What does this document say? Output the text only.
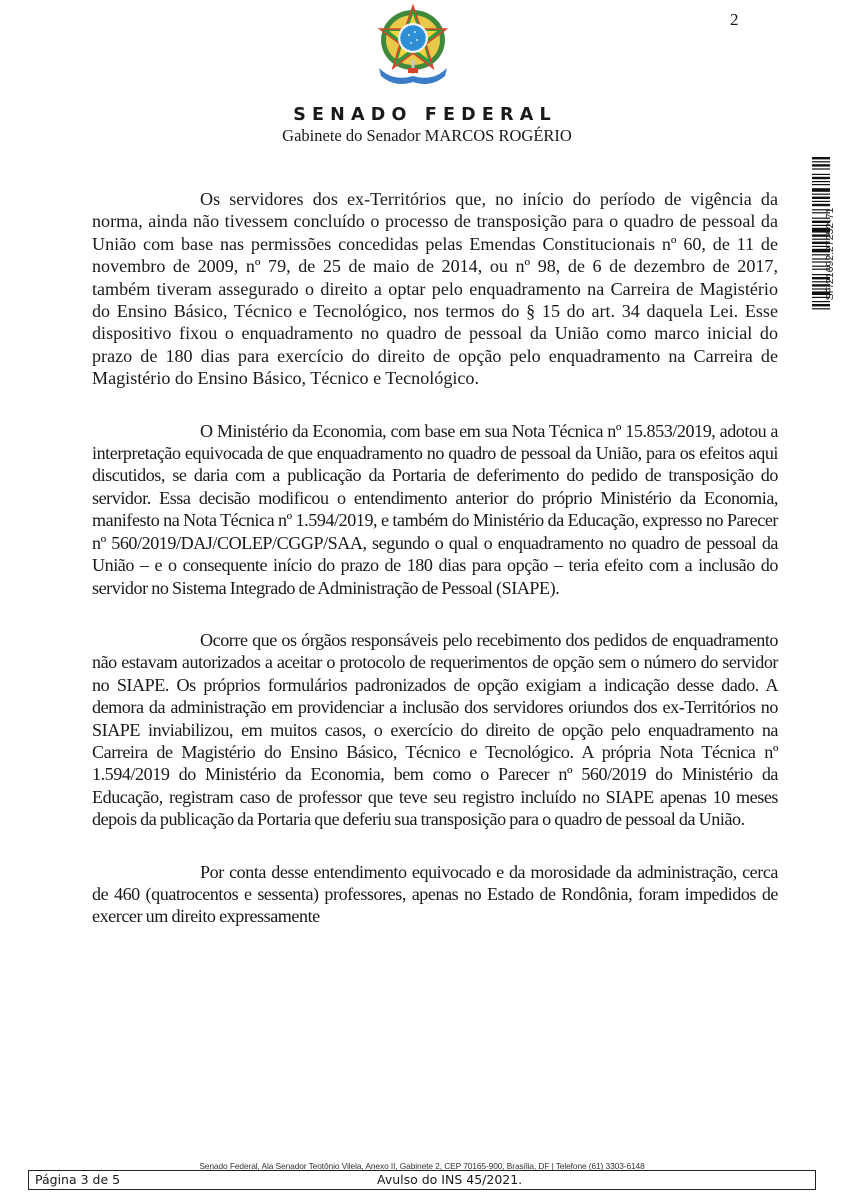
2
SENADO FEDERAL
Gabinete do Senador MARCOS ROGÉRIO
SF/21692.27252-71

Os servidores dos ex-Territórios que, no início do período de vigência da norma, ainda não tivessem concluído o processo de transposição para o quadro de pessoal da União com base nas permissões concedidas pelas Emendas Constitucionais nº 60, de 11 de novembro de 2009, nº 79, de 25 de maio de 2014, ou nº 98, de 6 de dezembro de 2017, também tiveram assegurado o direito a optar pelo enquadramento na Carreira de Magistério do Ensino Básico, Técnico e Tecnológico, nos termos do § 15 do art. 34 daquela Lei. Esse dispositivo fixou o enquadramento no quadro de pessoal da União como marco inicial do prazo de 180 dias para exercício do direito de opção pelo enquadramento na Carreira de Magistério do Ensino Básico, Técnico e Tecnológico.

O Ministério da Economia, com base em sua Nota Técnica nº 15.853/2019, adotou a interpretação equivocada de que enquadramento no quadro de pessoal da União, para os efeitos aqui discutidos, se daria com a publicação da Portaria de deferimento do pedido de transposição do servidor. Essa decisão modificou o entendimento anterior do próprio Ministério da Economia, manifesto na Nota Técnica nº 1.594/2019, e também do Ministério da Educação, expresso no Parecer nº 560/2019/DAJ/COLEP/CGGP/SAA, segundo o qual o enquadramento no quadro de pessoal da União – e o consequente início do prazo de 180 dias para opção – teria efeito com a inclusão do servidor no Sistema Integrado de Administração de Pessoal (SIAPE).

Ocorre que os órgãos responsáveis pelo recebimento dos pedidos de enquadramento não estavam autorizados a aceitar o protocolo de requerimentos de opção sem o número do servidor no SIAPE. Os próprios formulários padronizados de opção exigiam a indicação desse dado. A demora da administração em providenciar a inclusão dos servidores oriundos dos ex-Territórios no SIAPE inviabilizou, em muitos casos, o exercício do direito de opção pelo enquadramento na Carreira de Magistério do Ensino Básico, Técnico e Tecnológico. A própria Nota Técnica nº 1.594/2019 do Ministério da Economia, bem como o Parecer nº 560/2019 do Ministério da Educação, registram caso de professor que teve seu registro incluído no SIAPE apenas 10 meses depois da publicação da Portaria que deferiu sua transposição para o quadro de pessoal da União.

Por conta desse entendimento equivocado e da morosidade da administração, cerca de 460 (quatrocentos e sessenta) professores, apenas no Estado de Rondônia, foram impedidos de exercer um direito expressamente

Senado Federal, Ala Senador Teotônio Vilela, Anexo II, Gabinete 2, CEP 70165-900, Brasília, DF | Telefone (61) 3303-6148
Página 3 de 5	Avulso do INS 45/2021.
